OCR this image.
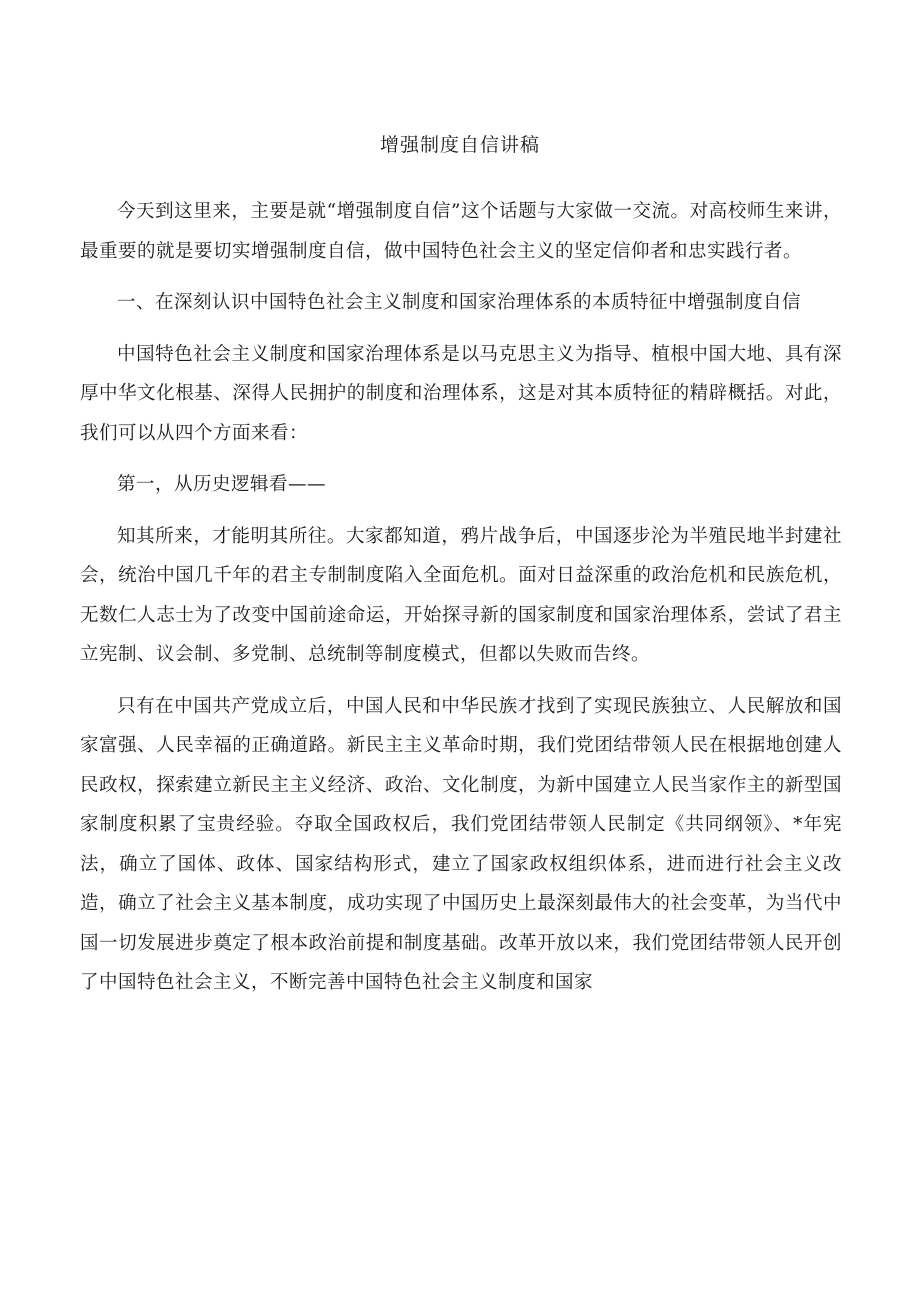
增强制度自信讲稿

今天到这里来，主要是就“增强制度自信”这个话题与大家做一交流。对高校师生来讲，最重要的就是要切实增强制度自信，做中国特色社会主义的坚定信仰者和忠实践行者。

一、在深刻认识中国特色社会主义制度和国家治理体系的本质特征中增强制度自信

中国特色社会主义制度和国家治理体系是以马克思主义为指导、植根中国大地、具有深厚中华文化根基、深得人民拥护的制度和治理体系，这是对其本质特征的精辟概括。对此，我们可以从四个方面来看：

第一，从历史逻辑看——

知其所来，才能明其所往。大家都知道，鸦片战争后，中国逐步沦为半殖民地半封建社会，统治中国几千年的君主专制制度陷入全面危机。面对日益深重的政治危机和民族危机，无数仁人志士为了改变中国前途命运，开始探寻新的国家制度和国家治理体系，尝试了君主立宪制、议会制、多党制、总统制等制度模式，但都以失败而告终。

只有在中国共产党成立后，中国人民和中华民族才找到了实现民族独立、人民解放和国家富强、人民幸福的正确道路。新民主主义革命时期，我们党团结带领人民在根据地创建人民政权，探索建立新民主主义经济、政治、文化制度，为新中国建立人民当家作主的新型国家制度积累了宝贵经验。夺取全国政权后，我们党团结带领人民制定《共同纲领》、*年宪法，确立了国体、政体、国家结构形式，建立了国家政权组织体系，进而进行社会主义改造，确立了社会主义基本制度，成功实现了中国历史上最深刻最伟大的社会变革，为当代中国一切发展进步奠定了根本政治前提和制度基础。改革开放以来，我们党团结带领人民开创了中国特色社会主义，不断完善中国特色社会主义制度和国家
